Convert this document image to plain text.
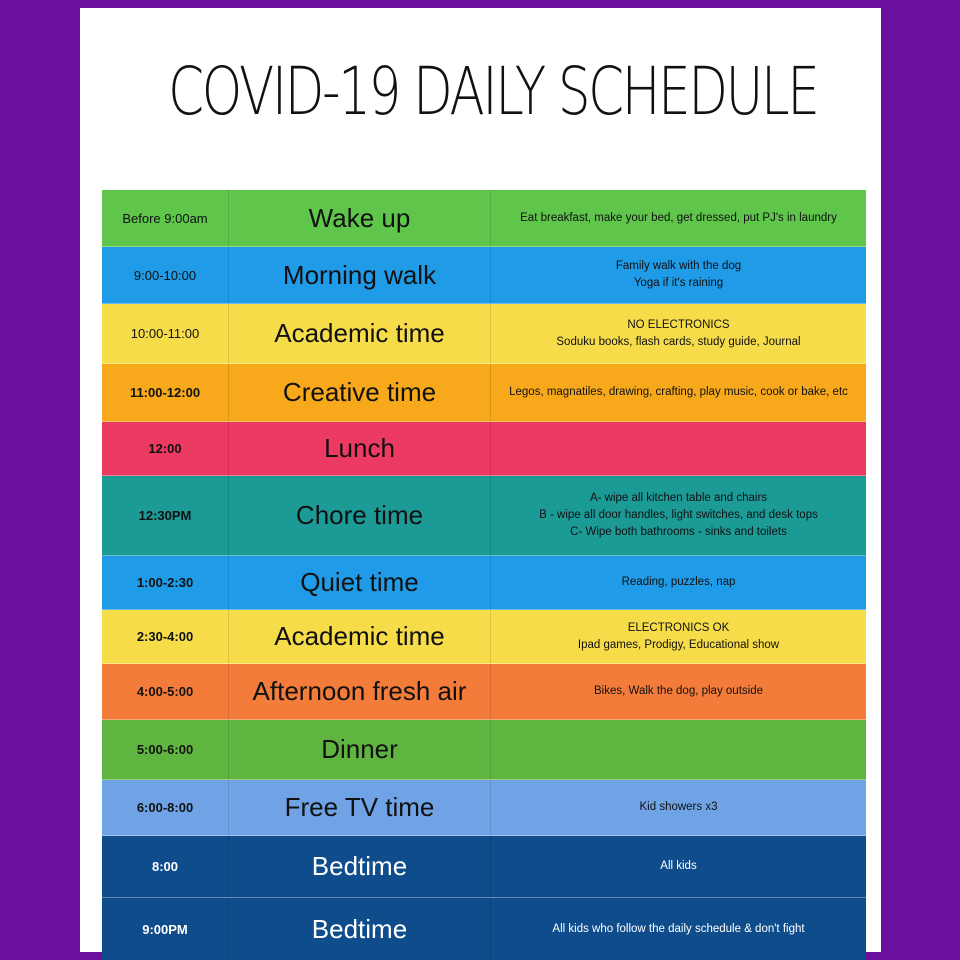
COVID-19 DAILY SCHEDULE
Before 9:00am	Wake up	Eat breakfast, make your bed, get dressed, put PJ's in laundry
9:00-10:00	Morning walk	Family walk with the dog
Yoga if it's raining
10:00-11:00	Academic time	NO ELECTRONICS
Soduku books, flash cards, study guide, Journal
11:00-12:00	Creative time	Legos, magnatiles, drawing, crafting, play music, cook or bake, etc
12:00	Lunch
12:30PM	Chore time
A- wipe all kitchen table and chairs
B - wipe all door handles, light switches, and desk tops
C- Wipe both bathrooms - sinks and toilets
1:00-2:30	Quiet time	Reading, puzzles, nap
2:30-4:00	Academic time	ELECTRONICS OK
Ipad games, Prodigy, Educational show
4:00-5:00	Afternoon fresh air	Bikes, Walk the dog, play outside
5:00-6:00	Dinner
6:00-8:00	Free TV time	Kid showers x3
8:00	Bedtime	All kids
9:00PM	Bedtime	All kids who follow the daily schedule & don't fight
